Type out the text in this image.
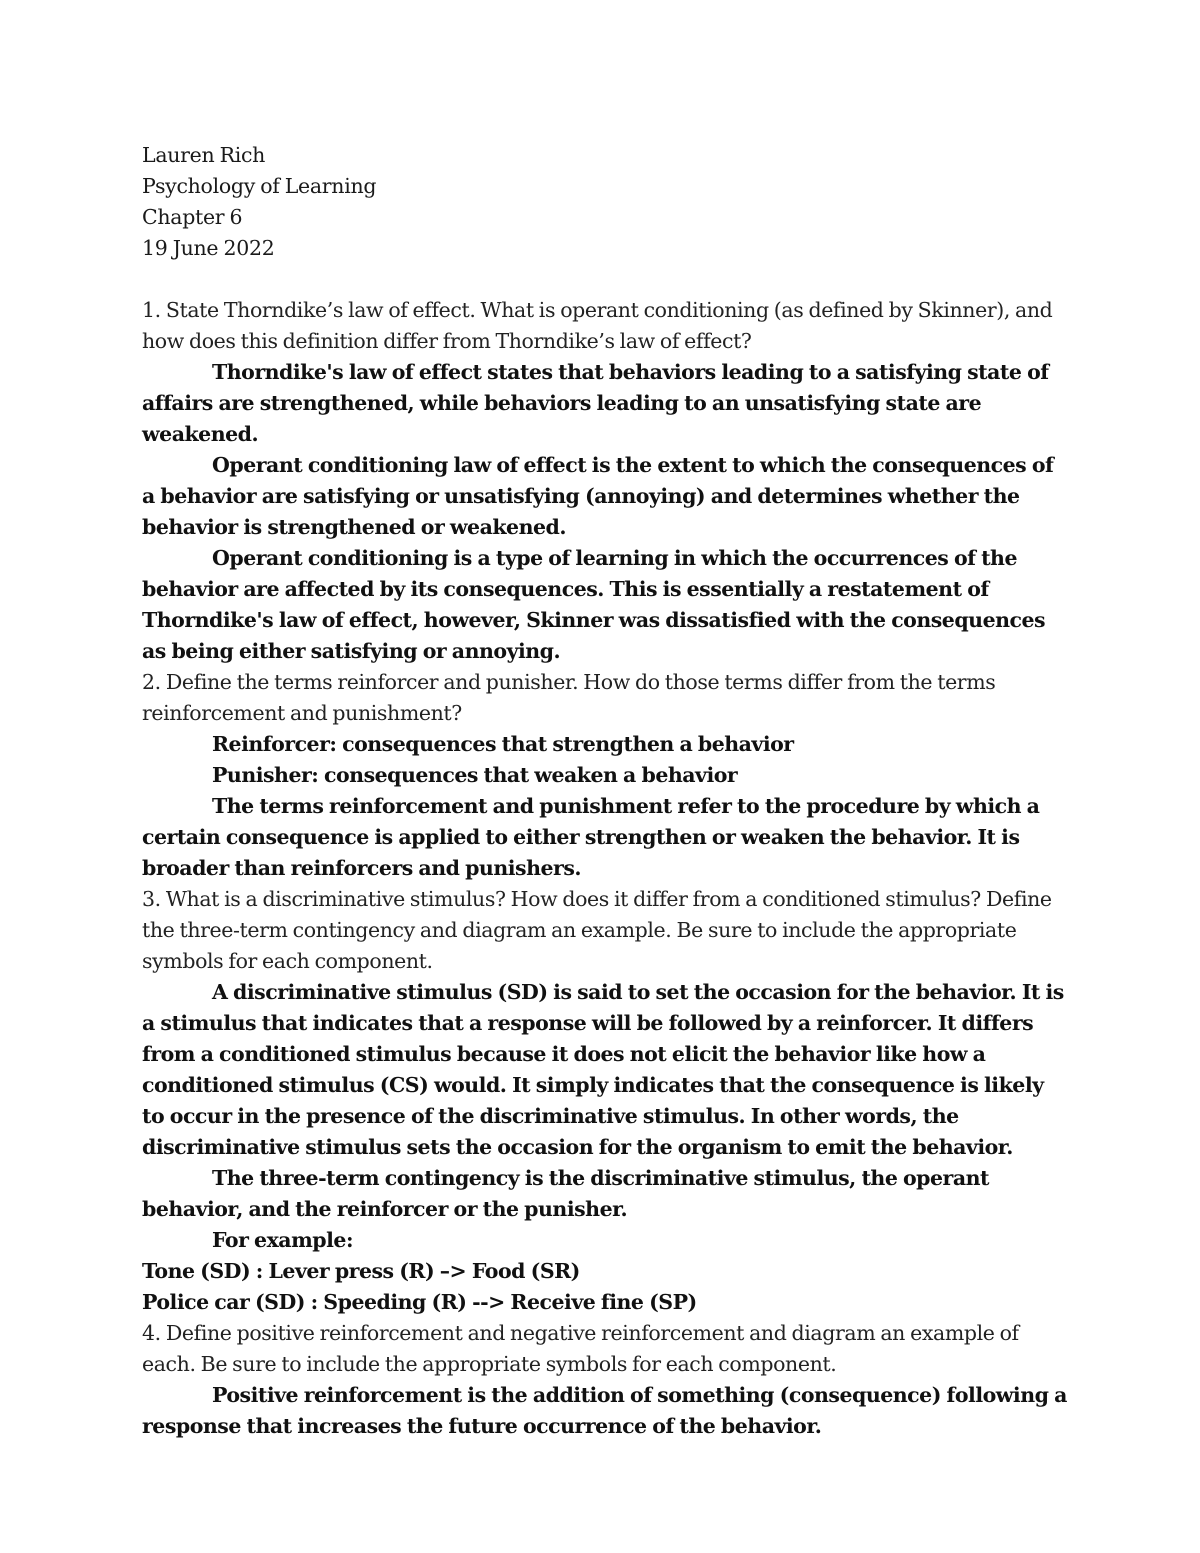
Lauren Rich
Psychology of Learning
Chapter 6
19 June 2022
1. State Thorndike’s law of effect. What is operant conditioning (as defined by Skinner), and how does this definition differ from Thorndike’s law of effect?
Thorndike's law of effect states that behaviors leading to a satisfying state of affairs are strengthened, while behaviors leading to an unsatisfying state are weakened.
Operant conditioning law of effect is the extent to which the consequences of a behavior are satisfying or unsatisfying (annoying) and determines whether the behavior is strengthened or weakened.
Operant conditioning is a type of learning in which the occurrences of the behavior are affected by its consequences. This is essentially a restatement of Thorndike's law of effect, however, Skinner was dissatisfied with the consequences as being either satisfying or annoying.
2. Define the terms reinforcer and punisher. How do those terms differ from the terms reinforcement and punishment?
Reinforcer: consequences that strengthen a behavior
Punisher: consequences that weaken a behavior
The terms reinforcement and punishment refer to the procedure by which a certain consequence is applied to either strengthen or weaken the behavior. It is broader than reinforcers and punishers.
3. What is a discriminative stimulus? How does it differ from a conditioned stimulus? Define the three-term contingency and diagram an example. Be sure to include the appropriate symbols for each component.
A discriminative stimulus (SD) is said to set the occasion for the behavior. It is a stimulus that indicates that a response will be followed by a reinforcer. It differs from a conditioned stimulus because it does not elicit the behavior like how a conditioned stimulus (CS) would. It simply indicates that the consequence is likely to occur in the presence of the discriminative stimulus. In other words, the discriminative stimulus sets the occasion for the organism to emit the behavior.
The three-term contingency is the discriminative stimulus, the operant behavior, and the reinforcer or the punisher.
For example:
Tone (SD) : Lever press (R) –> Food (SR)
Police car (SD) : Speeding (R) --> Receive fine (SP)
4. Define positive reinforcement and negative reinforcement and diagram an example of each. Be sure to include the appropriate symbols for each component.
Positive reinforcement is the addition of something (consequence) following a response that increases the future occurrence of the behavior.
